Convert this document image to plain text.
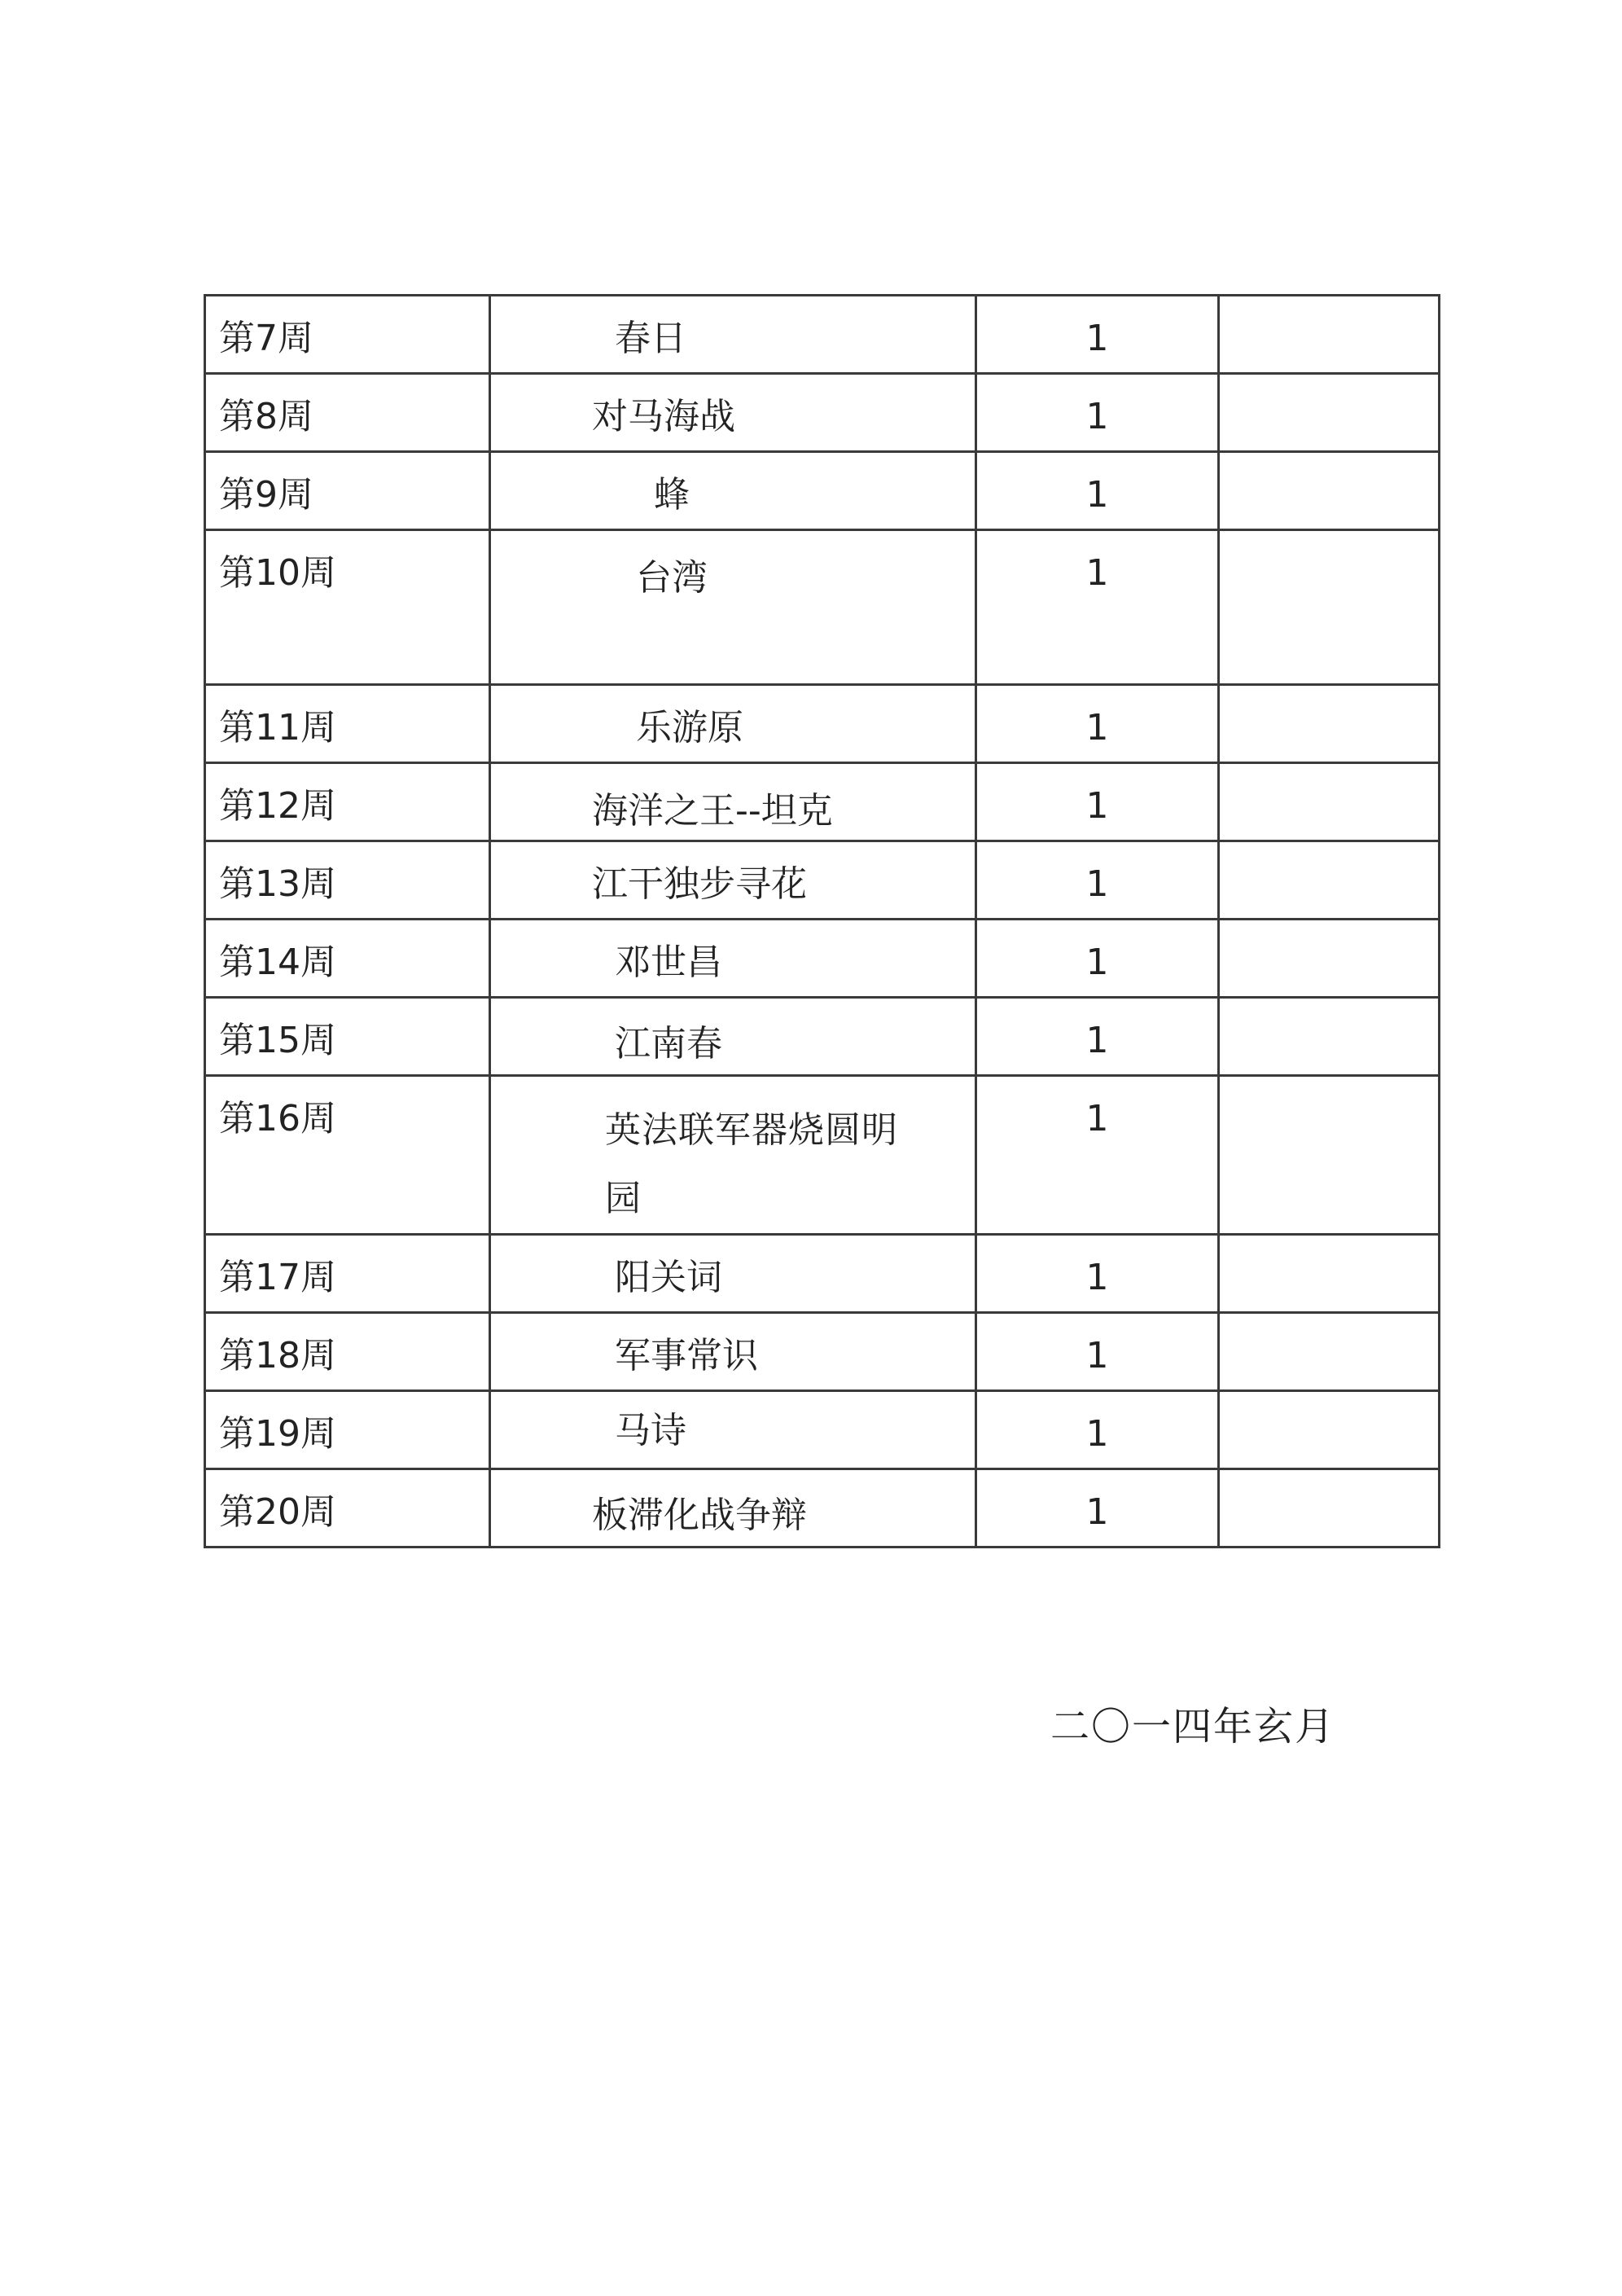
第7周	春日	1	

第8周	对马海战	1	

第9周	蜂	1	

第10周	台湾	1	

第11周	乐游原	1	

第12周	海洋之王--坦克	1	

第13周	江干独步寻花	1	

第14周	邓世昌	1	

第15周	江南春	1	

第16周	英法联军器烧圆明园	1	

第17周	阳关词	1	

第18周	军事常识	1	

第19周	马诗	1	

第20周	板滞化战争辩	1	

二〇一四年玄月
